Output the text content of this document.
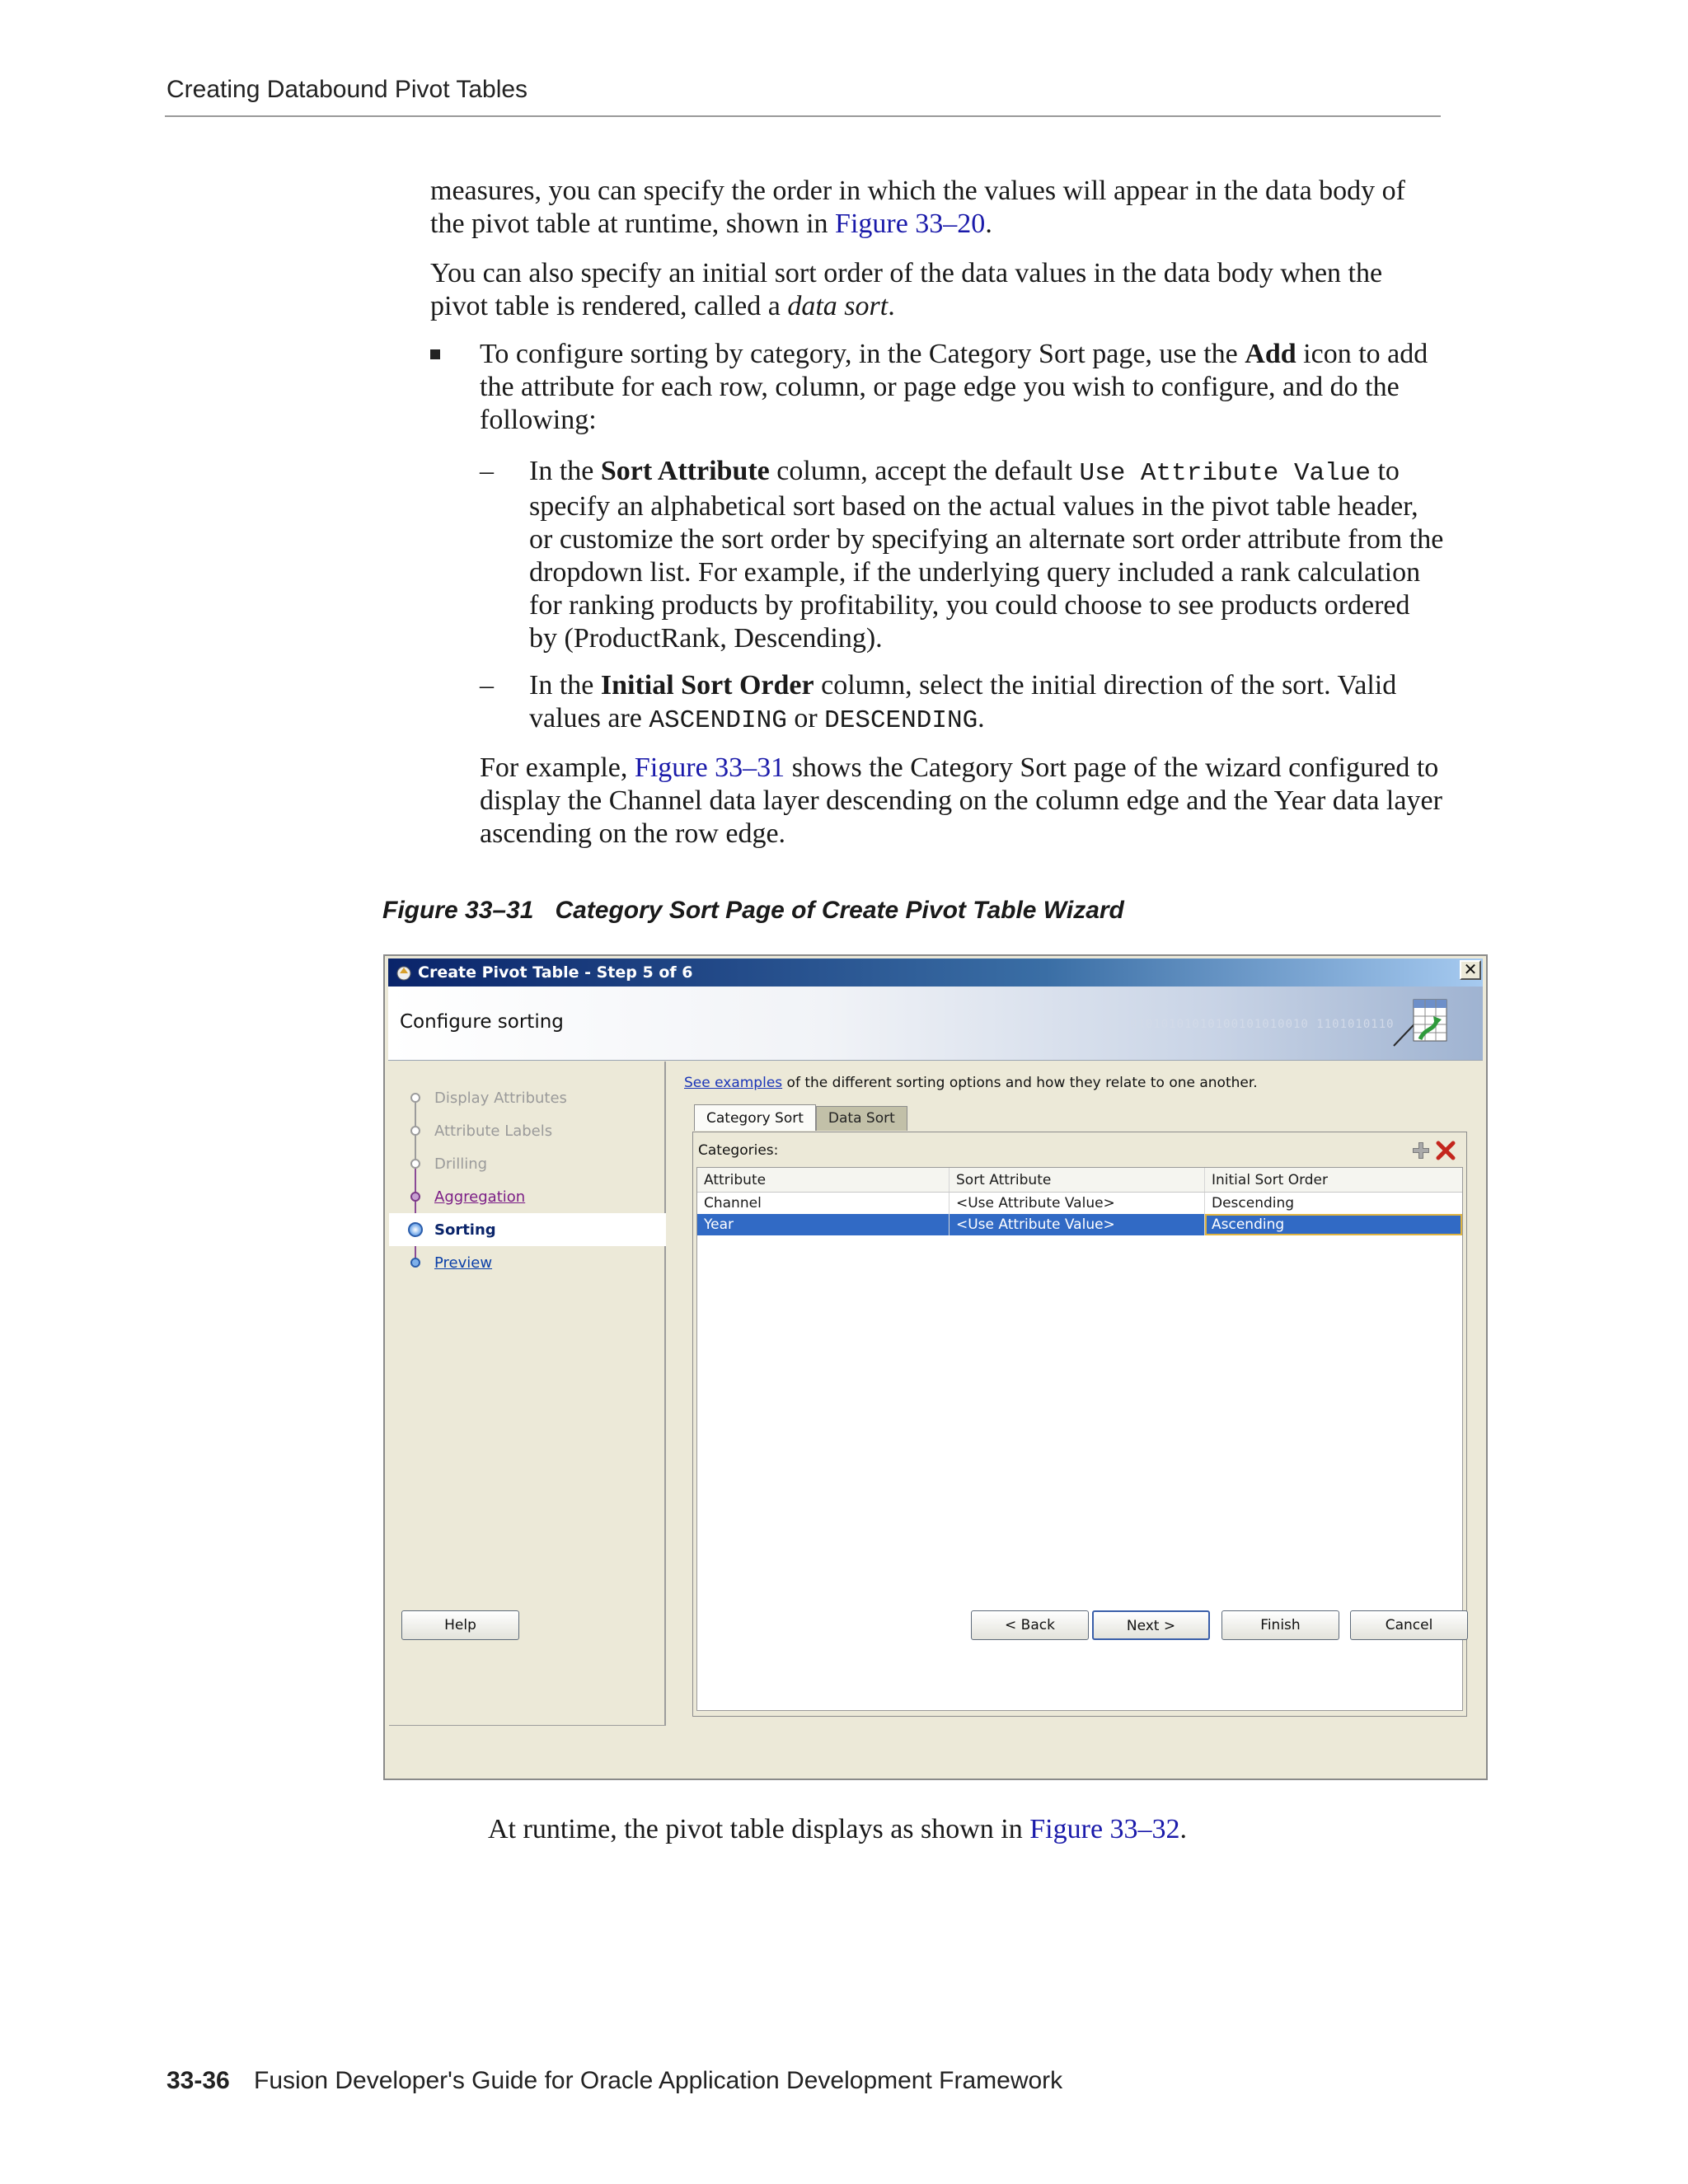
Creating Databound Pivot Tables

measures, you can specify the order in which the values will appear in the data body of the pivot table at runtime, shown in Figure 33–20.

You can also specify an initial sort order of the data values in the data body when the pivot table is rendered, called a data sort.

To configure sorting by category, in the Category Sort page, use the Add icon to add the attribute for each row, column, or page edge you wish to configure, and do the following:

– In the Sort Attribute column, accept the default Use Attribute Value to specify an alphabetical sort based on the actual values in the pivot table header, or customize the sort order by specifying an alternate sort order attribute from the dropdown list. For example, if the underlying query included a rank calculation for ranking products by profitability, you could choose to see products ordered by (ProductRank, Descending).

– In the Initial Sort Order column, select the initial direction of the sort. Valid values are ASCENDING or DESCENDING.

For example, Figure 33–31 shows the Category Sort page of the wizard configured to display the Channel data layer descending on the column edge and the Year data layer ascending on the row edge.

Figure 33–31 Category Sort Page of Create Pivot Table Wizard
Create Pivot Table - Step 5 of 6	✕
Configure sorting	01010101010100101010010 1101010110
Display Attributes
Attribute Labels
Drilling
Aggregation
Sorting
Preview
See examples of the different sorting options and how they relate to one another.
Category Sort	Data Sort
Categories:
Attribute	Sort Attribute	Initial Sort Order
Channel	<Use Attribute Value>	Descending
Year	<Use Attribute Value>	Ascending
Help	< Back	Next >	Finish	Cancel

At runtime, the pivot table displays as shown in Figure 33–32.

33-36 Fusion Developer's Guide for Oracle Application Development Framework
